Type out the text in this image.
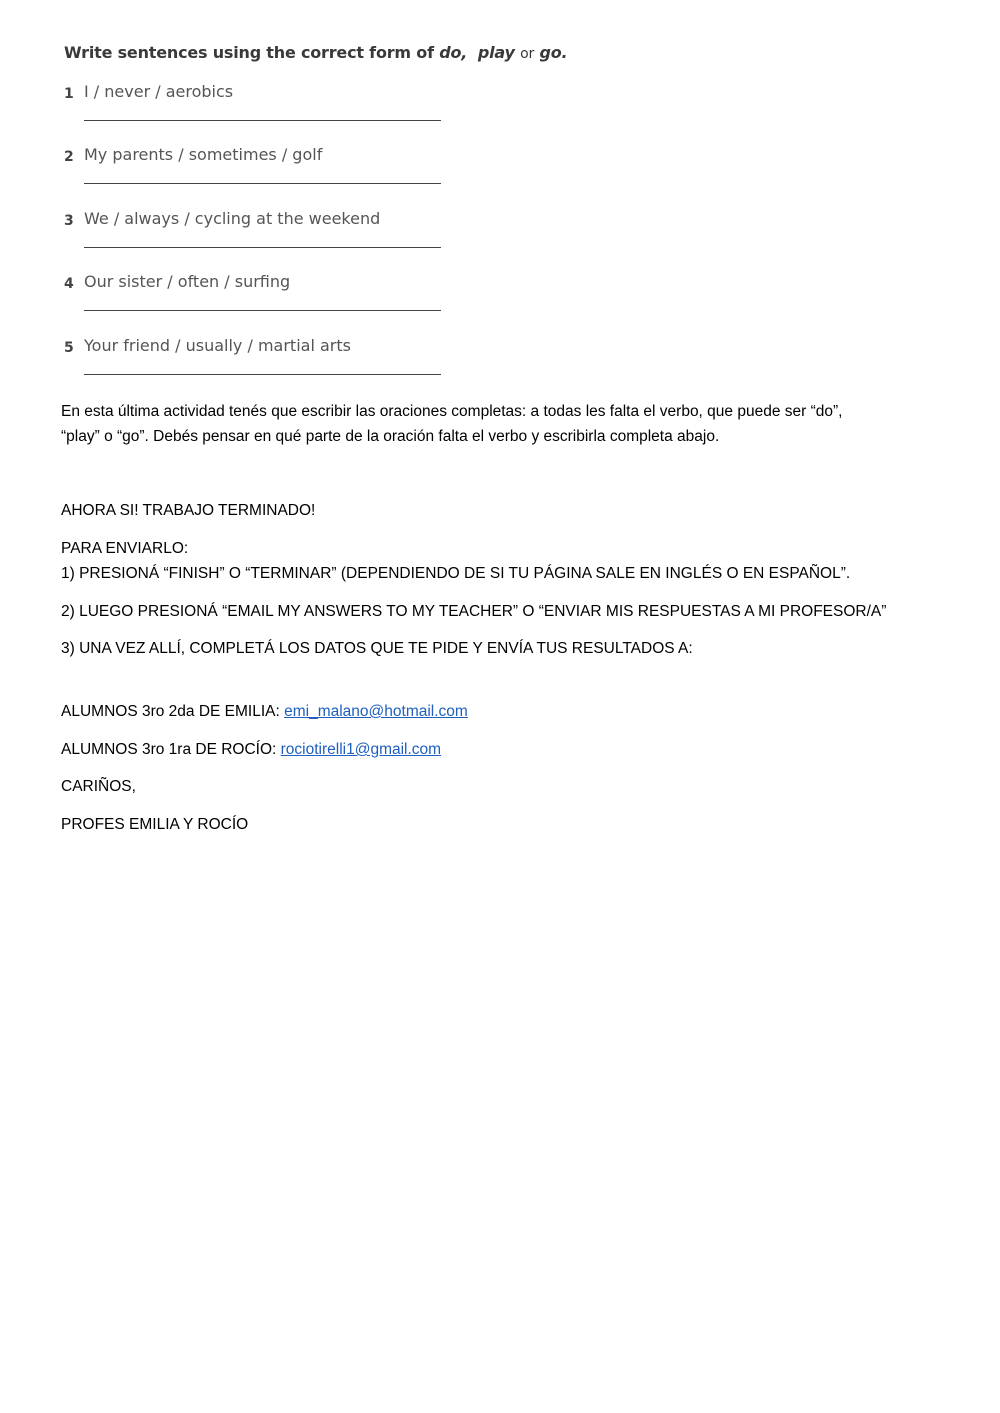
Write sentences using the correct form of do, play or go.

1 I / never / aerobics
2 My parents / sometimes / golf
3 We / always / cycling at the weekend
4 Our sister / often / surfing
5 Your friend / usually / martial arts
En esta última actividad tenés que escribir las oraciones completas: a todas les falta el verbo, que puede ser “do”,
“play” o “go”. Debés pensar en qué parte de la oración falta el verbo y escribirla completa abajo.
AHORA SI! TRABAJO TERMINADO!
PARA ENVIARLO:
1) PRESIONÁ “FINISH” O “TERMINAR” (DEPENDIENDO DE SI TU PÁGINA SALE EN INGLÉS O EN ESPAÑOL”.
2) LUEGO PRESIONÁ “EMAIL MY ANSWERS TO MY TEACHER” O “ENVIAR MIS RESPUESTAS A MI PROFESOR/A”
3) UNA VEZ ALLÍ, COMPLETÁ LOS DATOS QUE TE PIDE Y ENVÍA TUS RESULTADOS A:
ALUMNOS 3ro 2da DE EMILIA: emi_malano@hotmail.com
ALUMNOS 3ro 1ra DE ROCÍO: rociotirelli1@gmail.com
CARIÑOS,
PROFES EMILIA Y ROCÍO
